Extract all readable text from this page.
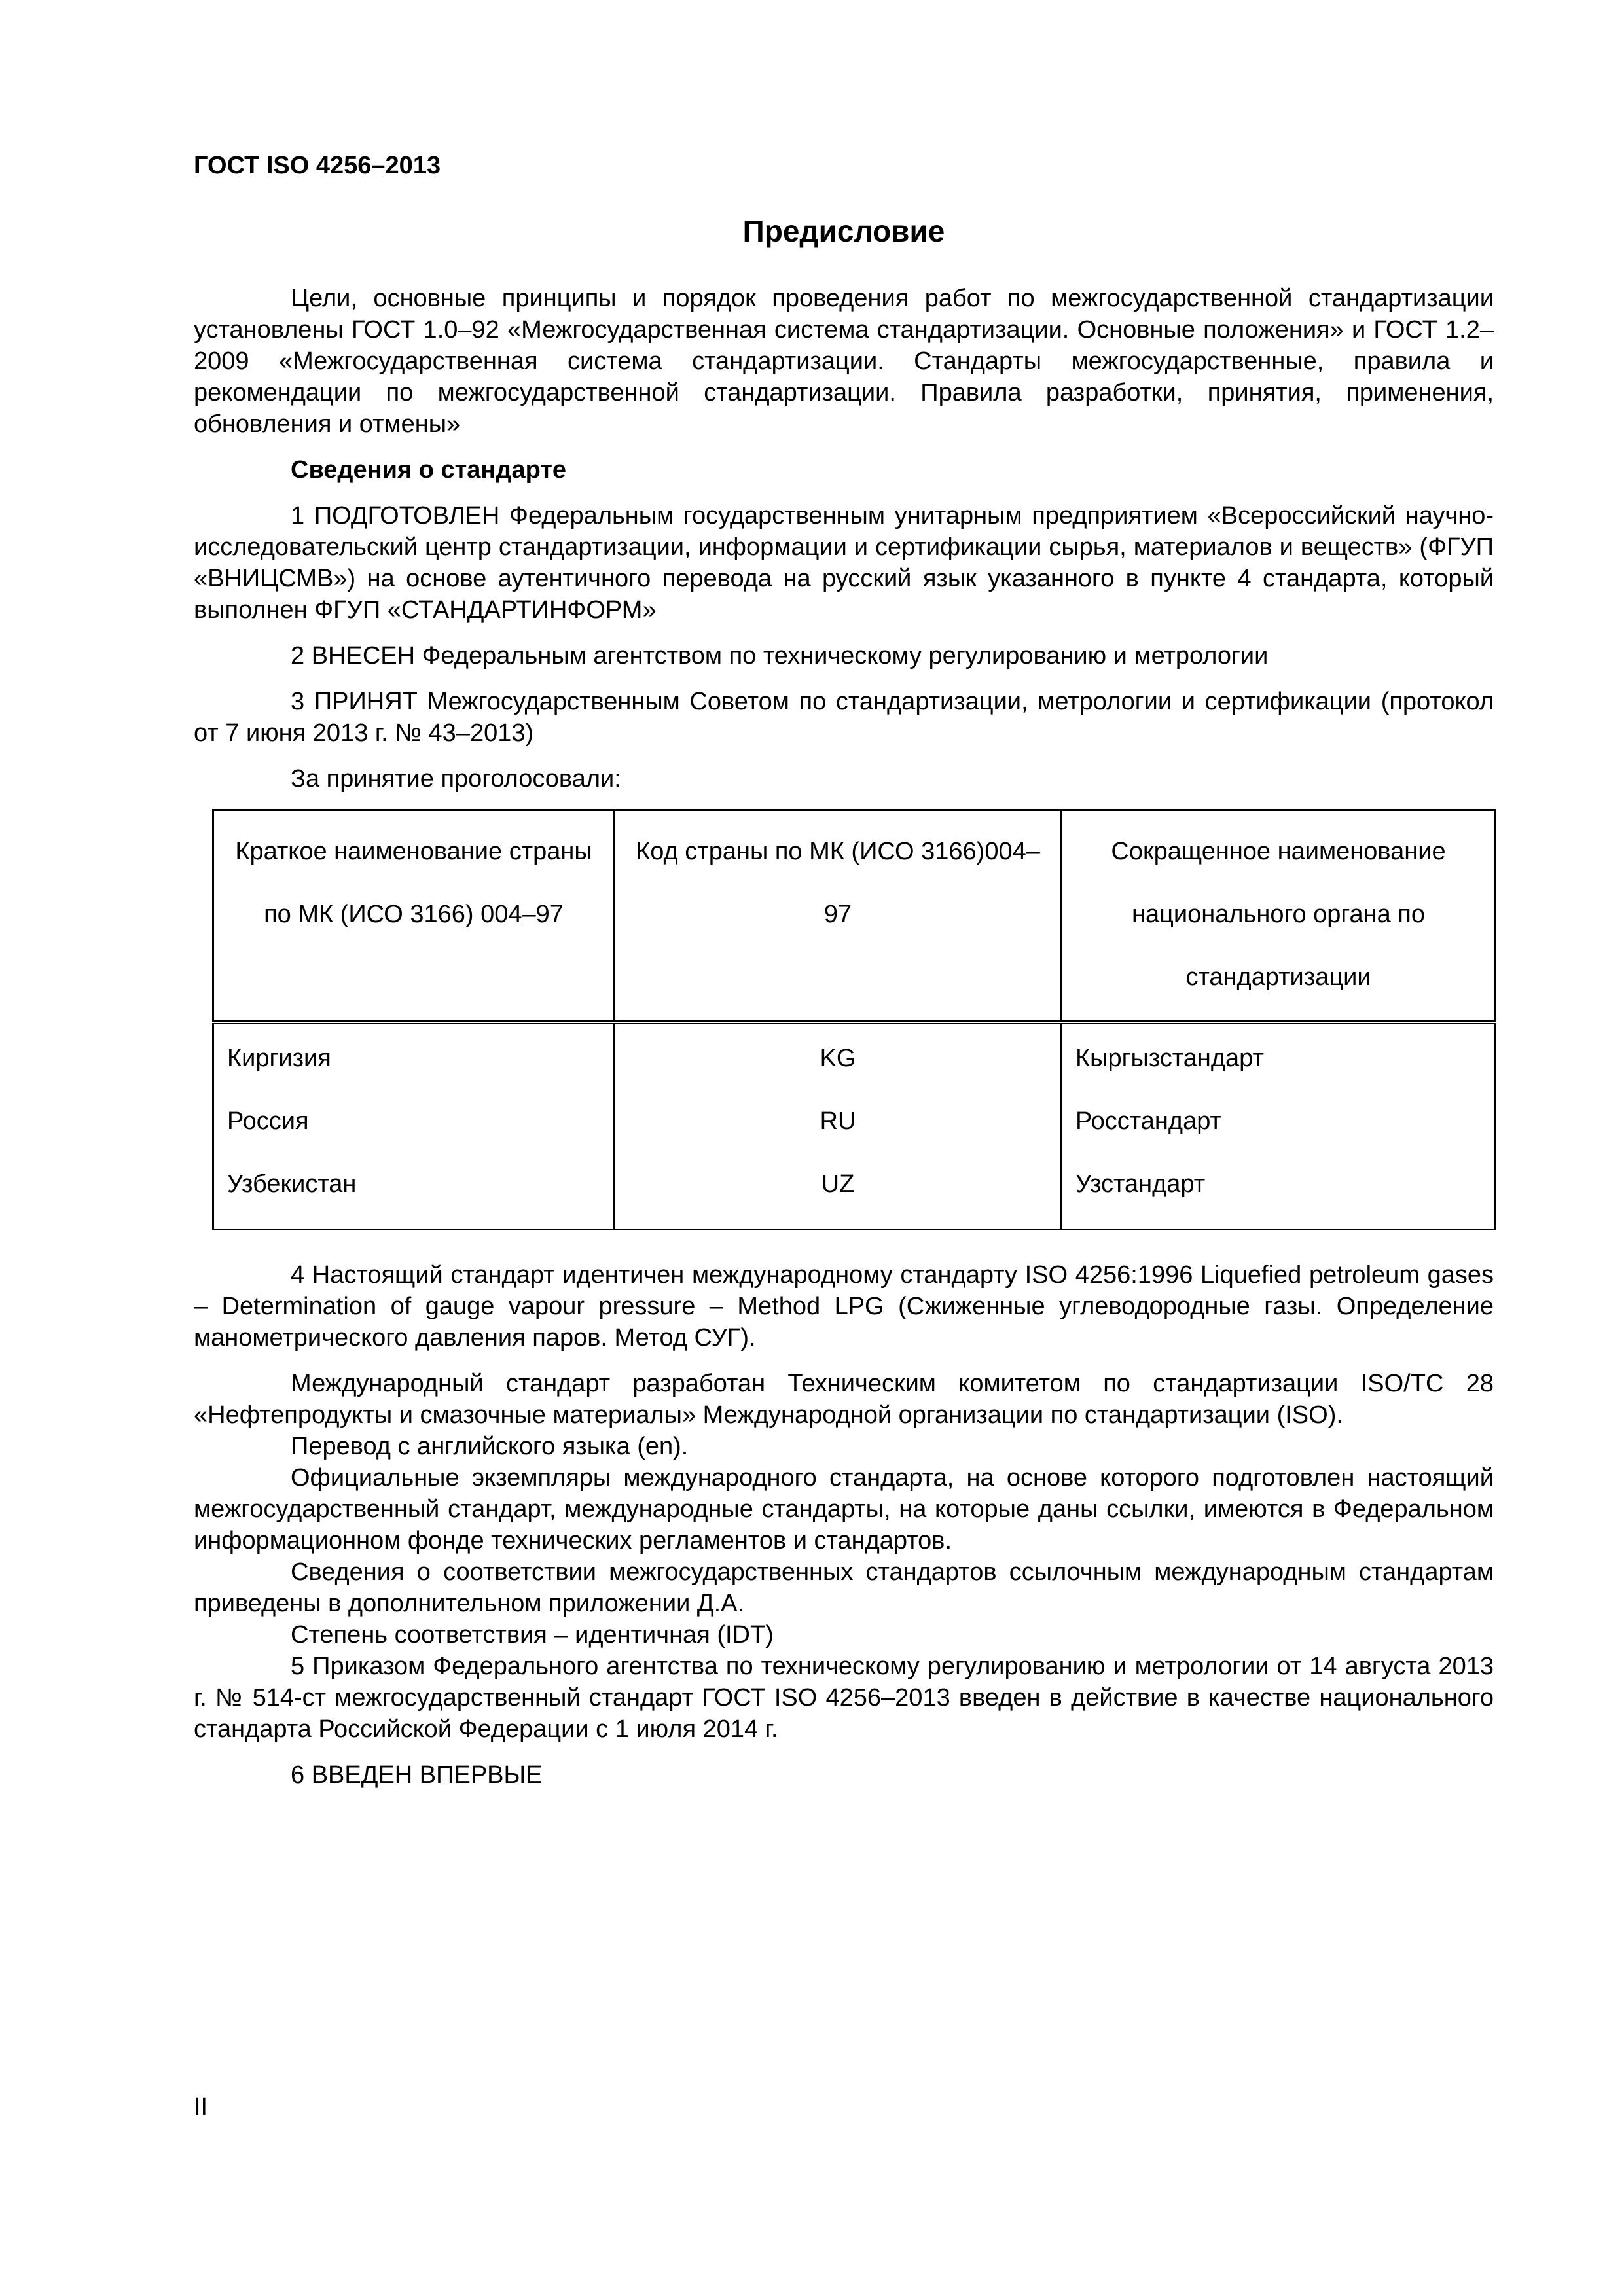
ГОСТ ISO 4256–2013
Предисловие

Цели, основные принципы и порядок проведения работ по межгосударственной стандартизации установлены ГОСТ 1.0–92 «Межгосударственная система стандартизации. Основные положения» и ГОСТ 1.2–2009 «Межгосударственная система стандартизации. Стандарты межгосударственные, правила и рекомендации по межгосударственной стандартизации. Правила разработки, принятия, применения, обновления и отмены»

Сведения о стандарте

1 ПОДГОТОВЛЕН Федеральным государственным унитарным предприятием «Всероссийский научно-исследовательский центр стандартизации, информации и сертификации сырья, материалов и веществ» (ФГУП «ВНИЦСМВ») на основе аутентичного перевода на русский язык указанного в пункте 4 стандарта, который выполнен ФГУП «СТАНДАРТИНФОРМ»

2 ВНЕСЕН Федеральным агентством по техническому регулированию и метрологии

3 ПРИНЯТ Межгосударственным Советом по стандартизации, метрологии и сертификации (протокол от 7 июня 2013 г. № 43–2013)

За принятие проголосовали:

Краткое наименование страны по МК (ИСО 3166) 004–97	Код страны по МК (ИСО 3166)004–97	Сокращенное наименование национального органа по стандартизации
Киргизия	KG	Кыргызстандарт
Россия	RU	Росстандарт
Узбекистан	UZ	Узстандарт

4 Настоящий стандарт идентичен международному стандарту ISO 4256:1996 Liquefied petroleum gases – Determination of gauge vapour pressure – Method LPG (Сжиженные углеводородные газы. Определение манометрического давления паров. Метод СУГ).

Международный стандарт разработан Техническим комитетом по стандартизации ISO/TC 28 «Нефтепродукты и смазочные материалы» Международной организации по стандартизации (ISO).

Перевод с английского языка (en).

Официальные экземпляры международного стандарта, на основе которого подготовлен настоящий межгосударственный стандарт, международные стандарты, на которые даны ссылки, имеются в Федеральном информационном фонде технических регламентов и стандартов.

Сведения о соответствии межгосударственных стандартов ссылочным международным стандартам приведены в дополнительном приложении Д.А.

Степень соответствия – идентичная (IDT)

5 Приказом Федерального агентства по техническому регулированию и метрологии от 14 августа 2013 г. № 514-ст межгосударственный стандарт ГОСТ ISO 4256–2013 введен в действие в качестве национального стандарта Российской Федерации с 1 июля 2014 г.

6 ВВЕДЕН ВПЕРВЫЕ

II
